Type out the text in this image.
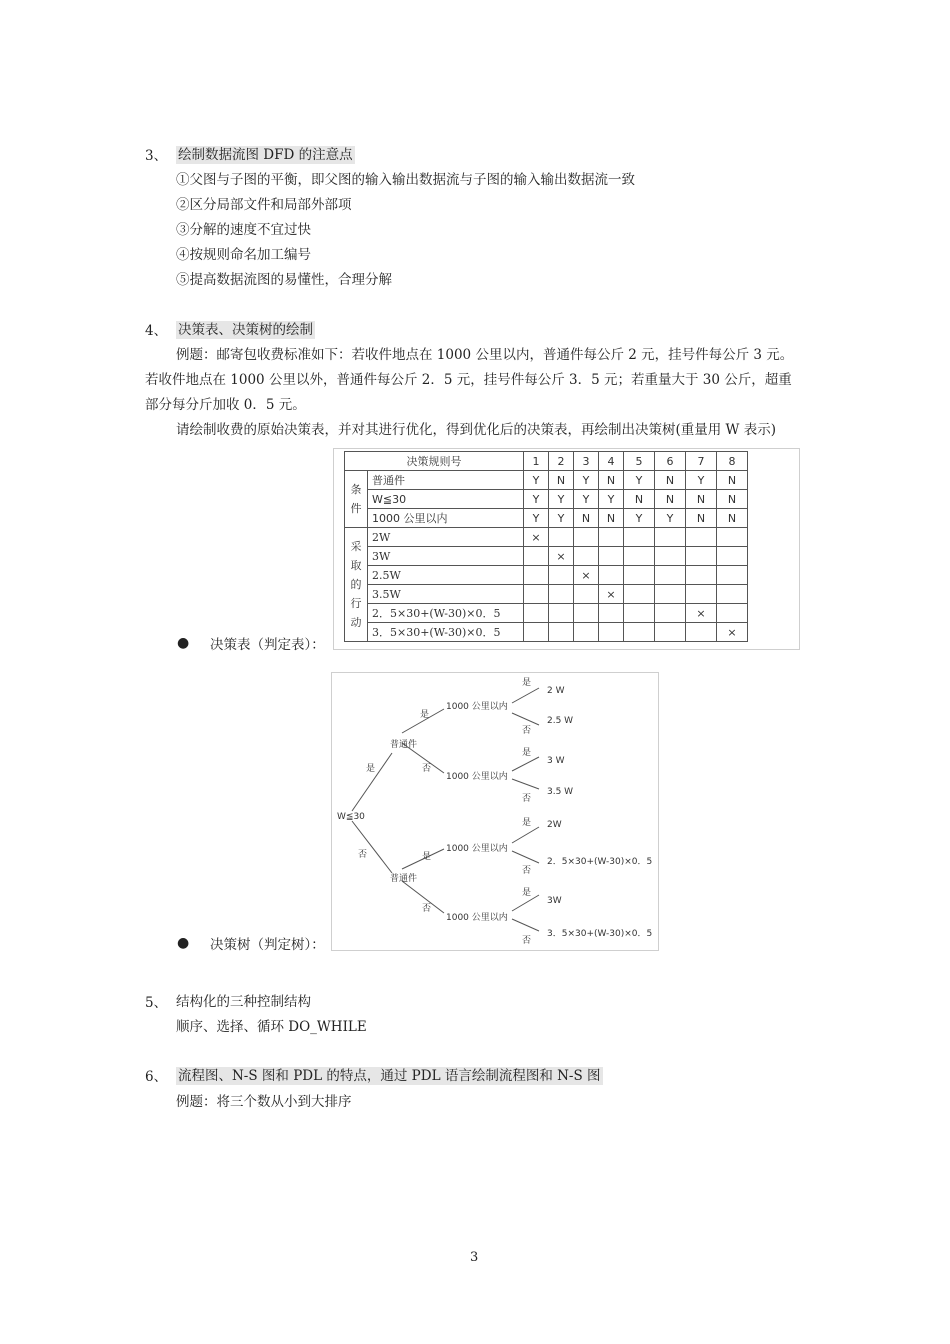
3、 绘制数据流图 DFD 的注意点
①父图与子图的平衡，即父图的输入输出数据流与子图的输入输出数据流一致
②区分局部文件和局部外部项
③分解的速度不宜过快
④按规则命名加工编号
⑤提高数据流图的易懂性，合理分解
4、 决策表、决策树的绘制
例题：邮寄包收费标准如下：若收件地点在 1000 公里以内，普通件每公斤 2 元，挂号件每公斤 3 元。
若收件地点在 1000 公里以外，普通件每公斤 2．5 元，挂号件每公斤 3．5 元；若重量大于 30 公斤，超重
部分每分斤加收 0．5 元。
请绘制收费的原始决策表，并对其进行优化，得到优化后的决策表，再绘制出决策树(重量用 W 表示)
决策规则号		1	2	3	4	5	6	7	8
条
件	普通件	Y	N	Y	N	Y	N	Y	N
	W≦30	Y	Y	Y	Y	N	N	N	N
	1000 公里以内	Y	Y	N	N	Y	Y	N	N
采
取
的
行
动	2W	×							
	3W		×						
	2.5W			×					
	3.5W				×				
	2．5×30+(W-30)×0．5							×	
	3．5×30+(W-30)×0．5								×
● 决策表（判定表）：
W≦30
普通件
普通件
1000 公里以内
1000 公里以内
1000 公里以内
1000 公里以内
是
否
是
否
是
否
是
否
是
否
是
否
是
否
2 W
2.5 W
3 W
3.5 W
2W
2．5×30+(W-30)×0．5
3W
3．5×30+(W-30)×0．5
● 决策树（判定树）：
5、 结构化的三种控制结构
顺序、选择、循环 DO_WHILE
6、 流程图、N-S 图和 PDL 的特点，通过 PDL 语言绘制流程图和 N-S 图
例题：将三个数从小到大排序
3
